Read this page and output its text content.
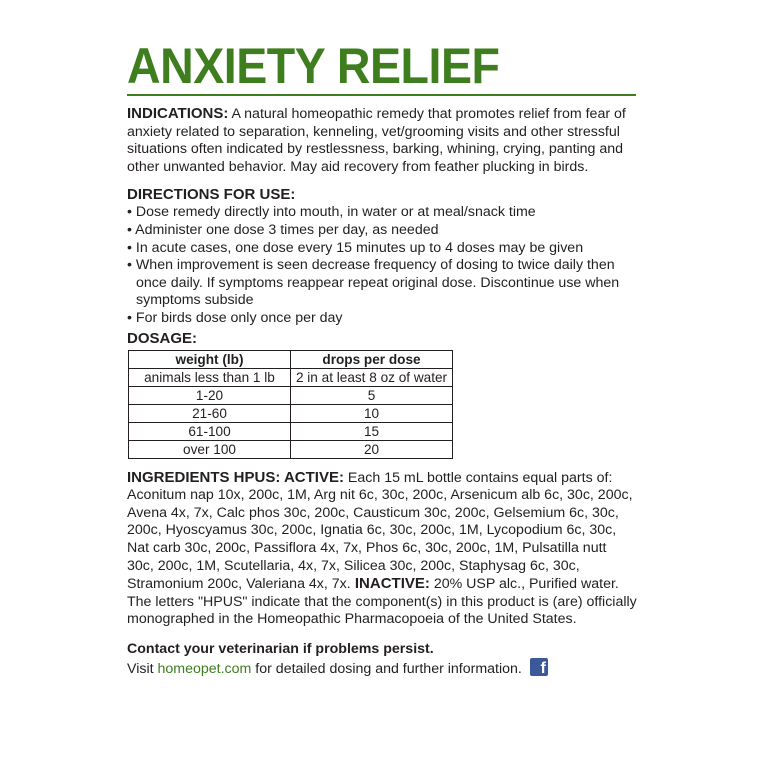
ANXIETY RELIEF
INDICATIONS: A natural homeopathic remedy that promotes relief from fear of anxiety related to separation, kenneling, vet/grooming visits and other stressful situations often indicated by restlessness, barking, whining, crying, panting and other unwanted behavior. May aid recovery from feather plucking in birds.
DIRECTIONS FOR USE:
• Dose remedy directly into mouth, in water or at meal/snack time
• Administer one dose 3 times per day, as needed
• In acute cases, one dose every 15 minutes up to 4 doses may be given
• When improvement is seen decrease frequency of dosing to twice daily then once daily. If symptoms reappear repeat original dose. Discontinue use when symptoms subside
• For birds dose only once per day
DOSAGE:
weight (lb)	drops per dose
animals less than 1 lb	2 in at least 8 oz of water
1-20	5
21-60	10
61-100	15
over 100	20
INGREDIENTS HPUS: ACTIVE: Each 15 mL bottle contains equal parts of: Aconitum nap 10x, 200c, 1M, Arg nit 6c, 30c, 200c, Arsenicum alb 6c, 30c, 200c, Avena 4x, 7x, Calc phos 30c, 200c, Causticum 30c, 200c, Gelsemium 6c, 30c, 200c, Hyoscyamus 30c, 200c, Ignatia 6c, 30c, 200c, 1M, Lycopodium 6c, 30c, Nat carb 30c, 200c, Passiflora 4x, 7x, Phos 6c, 30c, 200c, 1M, Pulsatilla nutt 30c, 200c, 1M, Scutellaria, 4x, 7x, Silicea 30c, 200c, Staphysag 6c, 30c, Stramonium 200c, Valeriana 4x, 7x. INACTIVE: 20% USP alc., Purified water. The letters "HPUS" indicate that the component(s) in this product is (are) officially monographed in the Homeopathic Pharmacopoeia of the United States.
Contact your veterinarian if problems persist.
Visit homeopet.com for detailed dosing and further information. f
